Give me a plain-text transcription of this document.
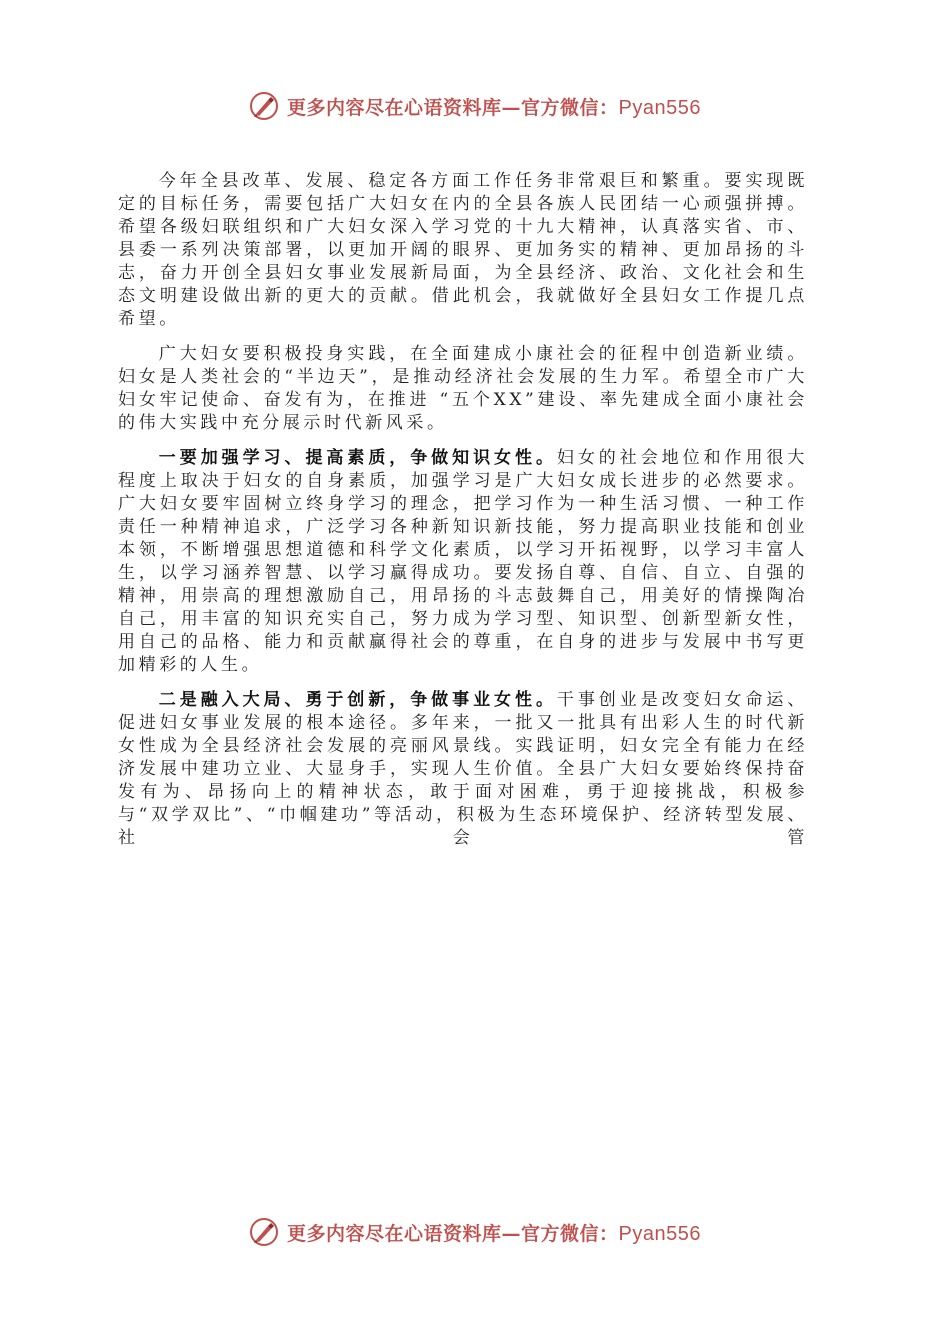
更多内容尽在心语资料库—官方微信：Pyan556

今年全县改革、发展、稳定各方面工作任务非常艰巨和繁重。要实现既定的目标任务，需要包括广大妇女在内的全县各族人民团结一心顽强拼搏。希望各级妇联组织和广大妇女深入学习党的十九大精神，认真落实省、市、县委一系列决策部署，以更加开阔的眼界、更加务实的精神、更加昂扬的斗志，奋力开创全县妇女事业发展新局面，为全县经济、政治、文化社会和生态文明建设做出新的更大的贡献。借此机会，我就做好全县妇女工作提几点希望。

广大妇女要积极投身实践，在全面建成小康社会的征程中创造新业绩。妇女是人类社会的“半边天”，是推动经济社会发展的生力军。希望全市广大妇女牢记使命、奋发有为，在推进 “五个XX”建设、率先建成全面小康社会的伟大实践中充分展示时代新风采。

一要加强学习、提高素质，争做知识女性。妇女的社会地位和作用很大程度上取决于妇女的自身素质，加强学习是广大妇女成长进步的必然要求。广大妇女要牢固树立终身学习的理念，把学习作为一种生活习惯、一种工作责任一种精神追求，广泛学习各种新知识新技能，努力提高职业技能和创业本领，不断增强思想道德和科学文化素质，以学习开拓视野，以学习丰富人生，以学习涵养智慧、以学习赢得成功。要发扬自尊、自信、自立、自强的精神，用崇高的理想激励自己，用昂扬的斗志鼓舞自己，用美好的情操陶冶自己，用丰富的知识充实自己，努力成为学习型、知识型、创新型新女性，用自己的品格、能力和贡献赢得社会的尊重，在自身的进步与发展中书写更加精彩的人生。

二是融入大局、勇于创新，争做事业女性。干事创业是改变妇女命运、促进妇女事业发展的根本途径。多年来，一批又一批具有出彩人生的时代新女性成为全县经济社会发展的亮丽风景线。实践证明，妇女完全有能力在经济发展中建功立业、大显身手，实现人生价值。全县广大妇女要始终保持奋发有为、昂扬向上的精神状态，敢于面对困难，勇于迎接挑战，积极参与“双学双比”、“巾帼建功”等活动，积极为生态环境保护、经济转型发展、社会管

更多内容尽在心语资料库—官方微信：Pyan556
